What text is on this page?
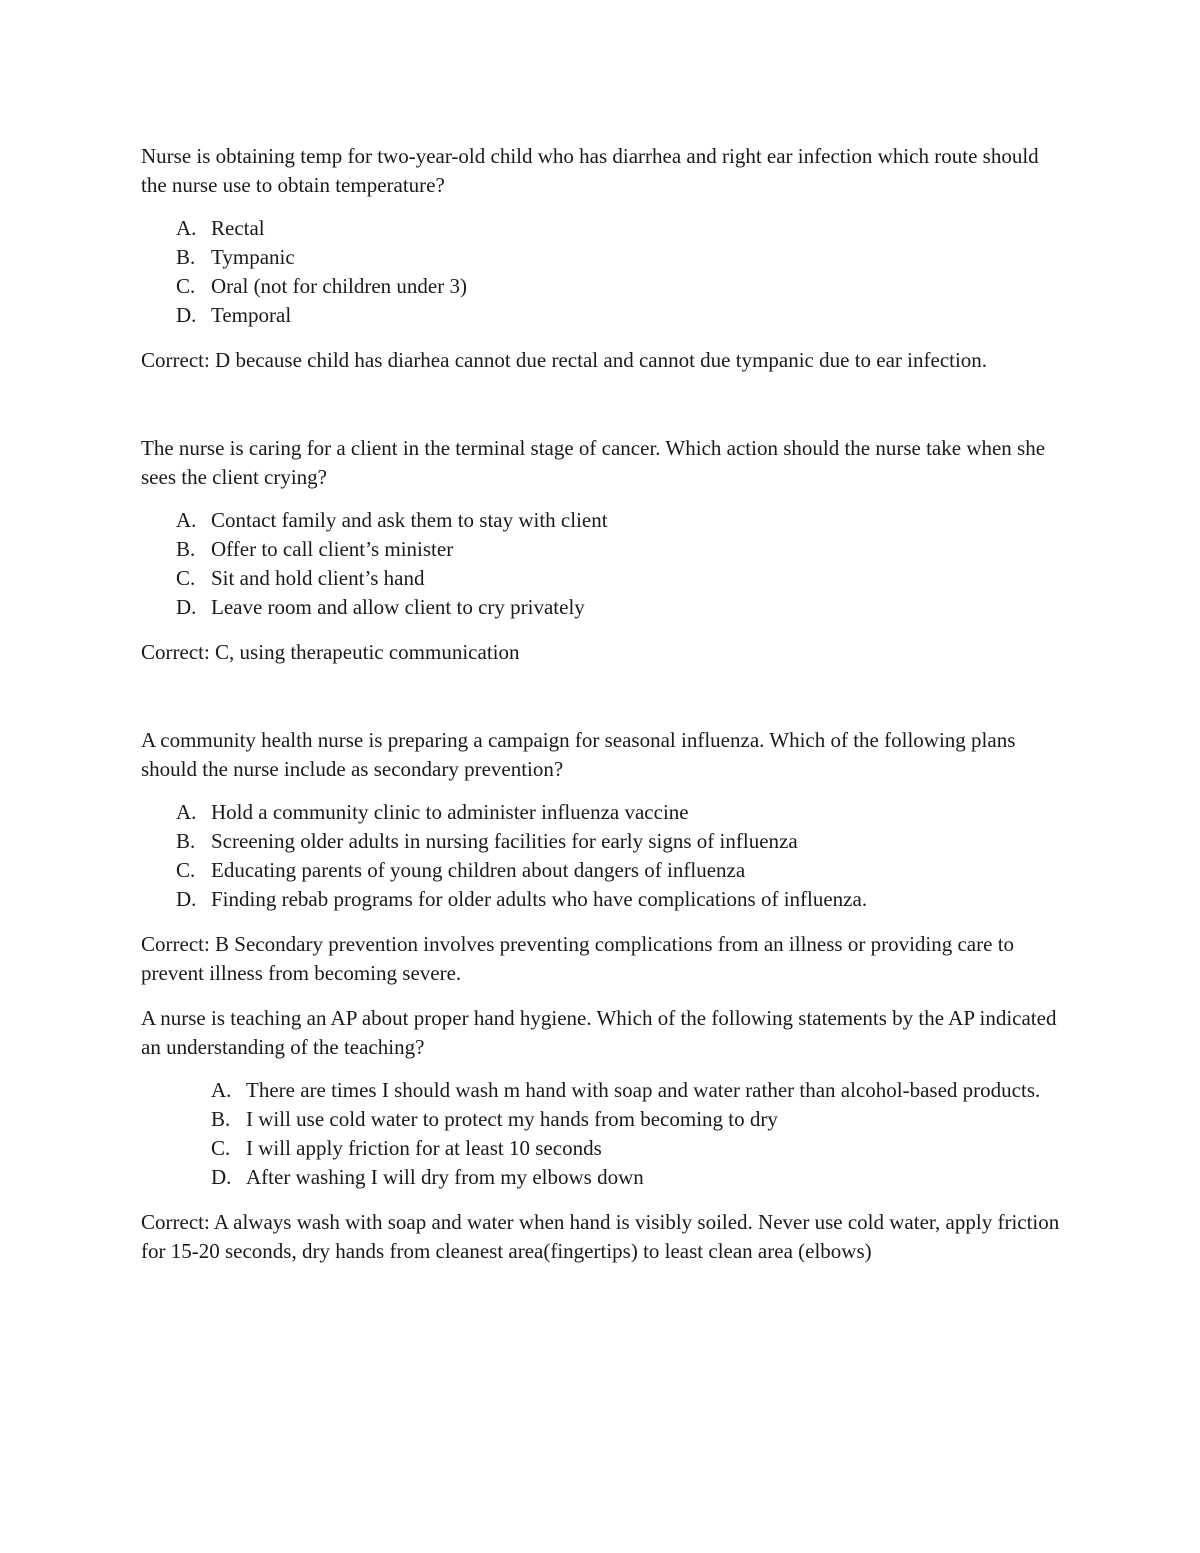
Nurse is obtaining temp for two-year-old child who has diarrhea and right ear infection which route should the nurse use to obtain temperature?

A. Rectal
B. Tympanic
C. Oral (not for children under 3)
D. Temporal

Correct: D because child has diarhea cannot due rectal and cannot due tympanic due to ear infection.

The nurse is caring for a client in the terminal stage of cancer. Which action should the nurse take when she sees the client crying?

A. Contact family and ask them to stay with client
B. Offer to call client’s minister
C. Sit and hold client’s hand
D. Leave room and allow client to cry privately

Correct: C, using therapeutic communication

A community health nurse is preparing a campaign for seasonal influenza. Which of the following plans should the nurse include as secondary prevention?

A. Hold a community clinic to administer influenza vaccine
B. Screening older adults in nursing facilities for early signs of influenza
C. Educating parents of young children about dangers of influenza
D. Finding rebab programs for older adults who have complications of influenza.

Correct: B Secondary prevention involves preventing complications from an illness or providing care to prevent illness from becoming severe.

A nurse is teaching an AP about proper hand hygiene. Which of the following statements by the AP indicated an understanding of the teaching?

A. There are times I should wash m hand with soap and water rather than alcohol-based products.
B. I will use cold water to protect my hands from becoming to dry
C. I will apply friction for at least 10 seconds
D. After washing I will dry from my elbows down

Correct: A always wash with soap and water when hand is visibly soiled. Never use cold water, apply friction for 15-20 seconds, dry hands from cleanest area(fingertips) to least clean area (elbows)
